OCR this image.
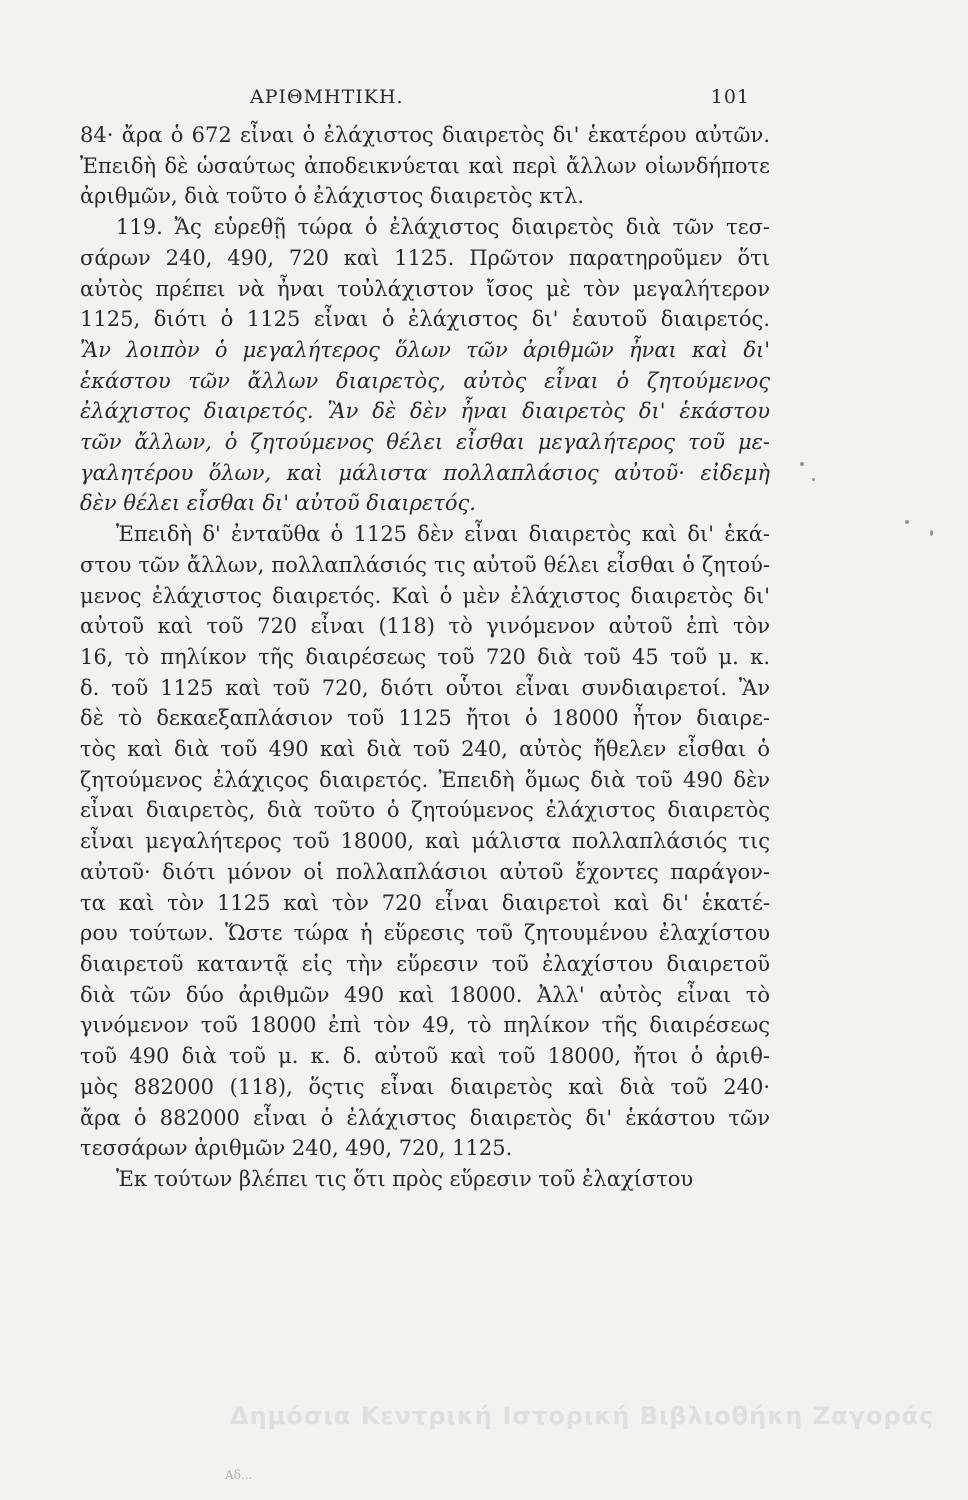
ΑΡΙΘΜΗΤΙΚΗ.	101
84· ἄρα ὁ 672 εἶναι ὁ ἐλάχιστος διαιρετὸς δι' ἑκατέρου αὐτῶν.
Ἐπειδὴ δὲ ὡσαύτως ἀποδεικνύεται καὶ περὶ ἄλλων οἱωνδήποτε
ἀριθμῶν, διὰ τοῦτο ὁ ἐλάχιστος διαιρετὸς κτλ.
119. Ἄς εὑρεθῇ τώρα ὁ ἐλάχιστος διαιρετὸς διὰ τῶν τεσ-
σάρων 240, 490, 720 καὶ 1125. Πρῶτον παρατηροῦμεν ὅτι
αὐτὸς πρέπει νὰ ἦναι τοὐλάχιστον ἴσος μὲ τὸν μεγαλήτερον
1125, διότι ὁ 1125 εἶναι ὁ ἐλάχιστος δι' ἑαυτοῦ διαιρετός.
Ἂν λοιπὸν ὁ μεγαλήτερος ὅλων τῶν ἀριθμῶν ἦναι καὶ δι'
ἑκάστου τῶν ἄλλων διαιρετὸς, αὐτὸς εἶναι ὁ ζητούμενος
ἐλάχιστος διαιρετός. Ἂν δὲ δὲν ἦναι διαιρετὸς δι' ἑκάστου
τῶν ἄλλων, ὁ ζητούμενος θέλει εἶσθαι μεγαλήτερος τοῦ με-
γαλητέρου ὅλων, καὶ μάλιστα πολλαπλάσιος αὐτοῦ· εἰδεμὴ
δὲν θέλει εἶσθαι δι' αὐτοῦ διαιρετός.
Ἐπειδὴ δ' ἐνταῦθα ὁ 1125 δὲν εἶναι διαιρετὸς καὶ δι' ἑκά-
στου τῶν ἄλλων, πολλαπλάσιός τις αὐτοῦ θέλει εἶσθαι ὁ ζητού-
μενος ἐλάχιστος διαιρετός. Καὶ ὁ μὲν ἐλάχιστος διαιρετὸς δι'
αὐτοῦ καὶ τοῦ 720 εἶναι (118) τὸ γινόμενον αὐτοῦ ἐπὶ τὸν
16, τὸ πηλίκον τῆς διαιρέσεως τοῦ 720 διὰ τοῦ 45 τοῦ μ. κ.
δ. τοῦ 1125 καὶ τοῦ 720, διότι οὗτοι εἶναι συνδιαιρετοί. Ἂν
δὲ τὸ δεκαεξαπλάσιον τοῦ 1125 ἤτοι ὁ 18000 ἦτον διαιρε-
τὸς καὶ διὰ τοῦ 490 καὶ διὰ τοῦ 240, αὐτὸς ἤθελεν εἶσθαι ὁ
ζητούμενος ἐλάχιςος διαιρετός. Ἐπειδὴ ὅμως διὰ τοῦ 490 δὲν
εἶναι διαιρετὸς, διὰ τοῦτο ὁ ζητούμενος ἐλάχιστος διαιρετὸς
εἶναι μεγαλήτερος τοῦ 18000, καὶ μάλιστα πολλαπλάσιός τις
αὐτοῦ· διότι μόνον οἱ πολλαπλάσιοι αὐτοῦ ἔχοντες παράγον-
τα καὶ τὸν 1125 καὶ τὸν 720 εἶναι διαιρετοὶ καὶ δι' ἑκατέ-
ρου τούτων. Ὥστε τώρα ἡ εὕρεσις τοῦ ζητουμένου ἐλαχίστου
διαιρετοῦ καταντᾷ εἰς τὴν εὕρεσιν τοῦ ἐλαχίστου διαιρετοῦ
διὰ τῶν δύο ἀριθμῶν 490 καὶ 18000. Ἀλλ' αὐτὸς εἶναι τὸ
γινόμενον τοῦ 18000 ἐπὶ τὸν 49, τὸ πηλίκον τῆς διαιρέσεως
τοῦ 490 διὰ τοῦ μ. κ. δ. αὐτοῦ καὶ τοῦ 18000, ἤτοι ὁ ἀριθ-
μὸς 882000 (118), ὅςτις εἶναι διαιρετὸς καὶ διὰ τοῦ 240·
ἄρα ὁ 882000 εἶναι ὁ ἐλάχιστος διαιρετὸς δι' ἑκάστου τῶν
τεσσάρων ἀριθμῶν 240, 490, 720, 1125.
Ἐκ τούτων βλέπει τις ὅτι πρὸς εὕρεσιν τοῦ ἐλαχίστου
Δημόσια Κεντρική Ιστορική Βιβλιοθήκη Ζαγοράς
Αδ...
